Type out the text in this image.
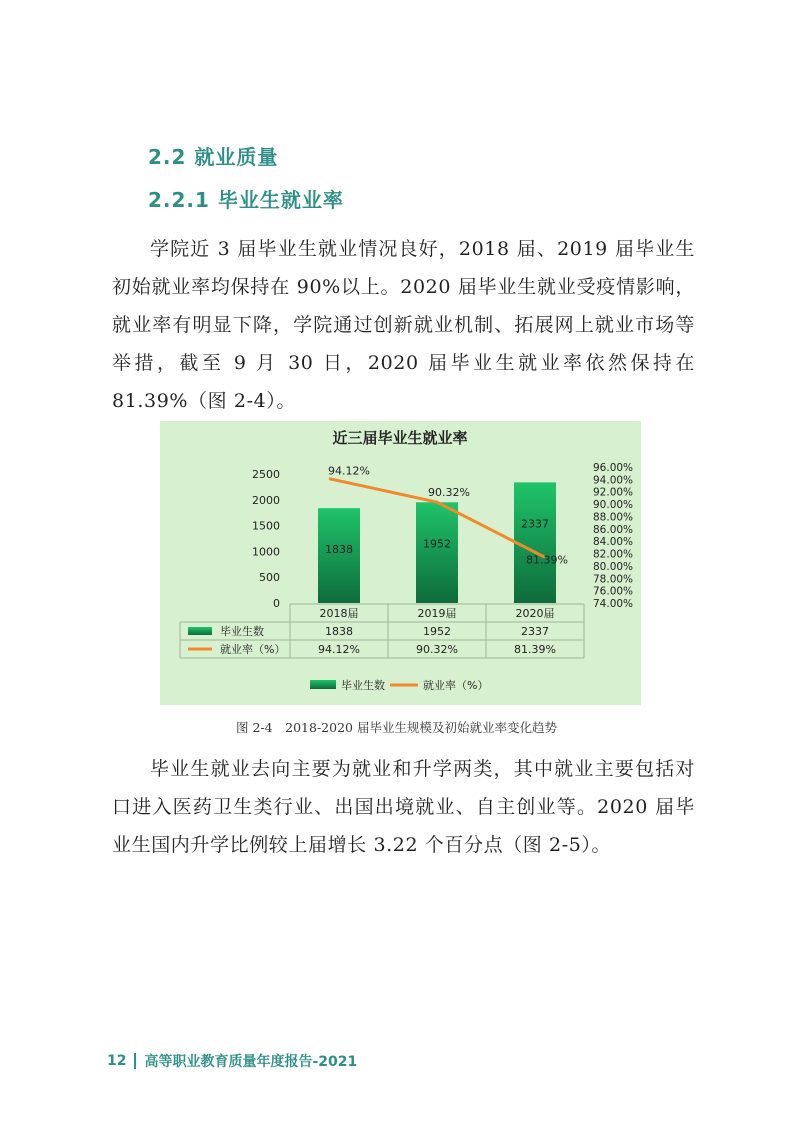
2.2 就业质量
2.2.1 毕业生就业率

学院近 3 届毕业生就业情况良好，2018 届、2019 届毕业生初始就业率均保持在 90%以上。2020 届毕业生就业受疫情影响，就业率有明显下降，学院通过创新就业机制、拓展网上就业市场等举措，截至 9 月 30 日，2020 届毕业生就业率依然保持在 81.39%（图 2-4）。

近三届毕业生就业率
0
500
1000
1500
2000
2500
74.00%
76.00%
78.00%
80.00%
82.00%
84.00%
86.00%
88.00%
90.00%
92.00%
94.00%
96.00%
1838	1952
2337
94.12%
90.32%
81.39%
2018届	2019届	2020届
毕业生数	1838	1952	2337
就业率（%）	94.12%	90.32%	81.39%
毕业生数	就业率（%）
图 2-4　2018-2020 届毕业生规模及初始就业率变化趋势

毕业生就业去向主要为就业和升学两类，其中就业主要包括对口进入医药卫生类行业、出国出境就业、自主创业等。2020 届毕业生国内升学比例较上届增长 3.22 个百分点（图 2-5）。

12 高等职业教育质量年度报告-2021
